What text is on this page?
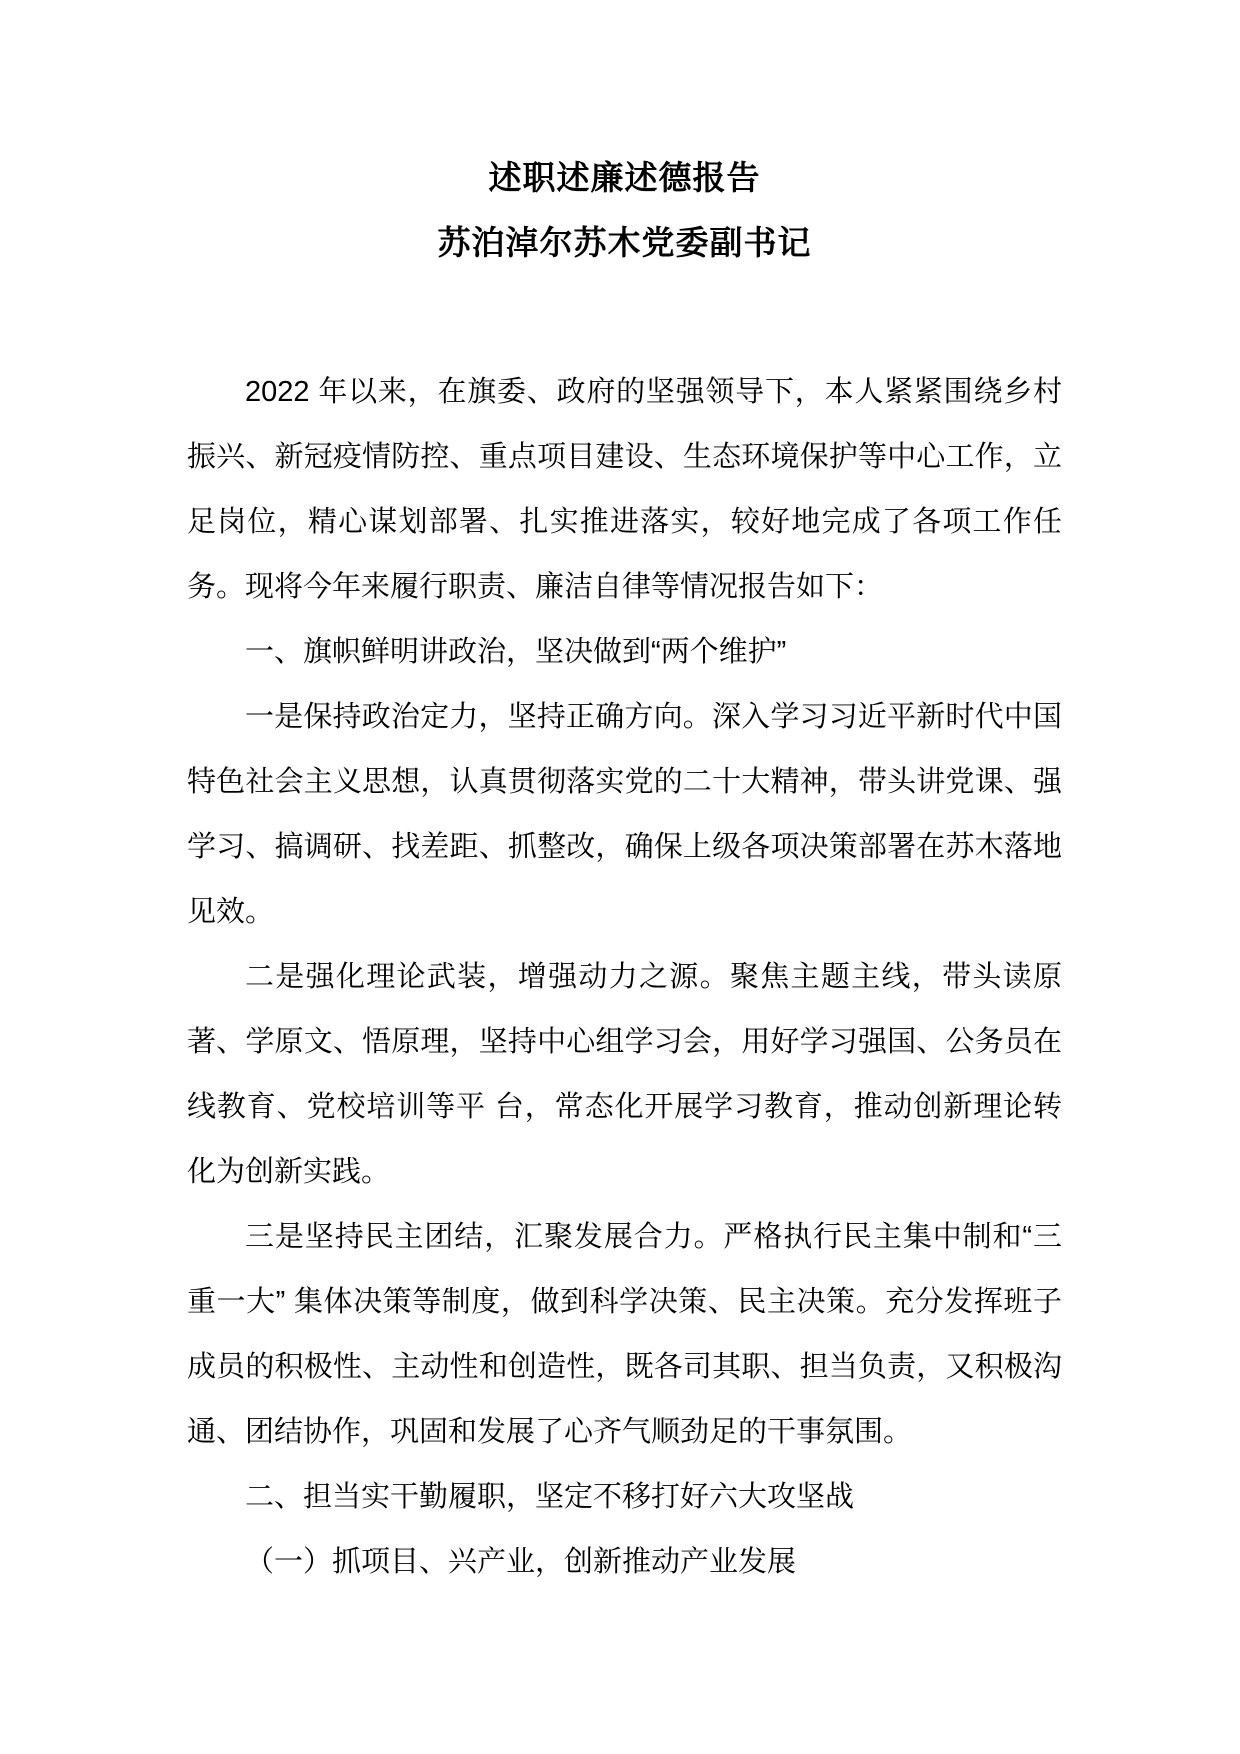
述职述廉述德报告
苏泊淖尔苏木党委副书记

2022 年以来，在旗委、政府的坚强领导下，本人紧紧围绕乡村振兴、新冠疫情防控、重点项目建设、生态环境保护等中心工作，立足岗位，精心谋划部署、扎实推进落实，较好地完成了各项工作任务。现将今年来履行职责、廉洁自律等情况报告如下：

一、旗帜鲜明讲政治，坚决做到“两个维护”

一是保持政治定力，坚持正确方向。深入学习习近平新时代中国特色社会主义思想，认真贯彻落实党的二十大精神，带头讲党课、强学习、搞调研、找差距、抓整改，确保上级各项决策部署在苏木落地见效。

二是强化理论武装，增强动力之源。聚焦主题主线，带头读原著、学原文、悟原理，坚持中心组学习会，用好学习强国、公务员在线教育、党校培训等平 台，常态化开展学习教育，推动创新理论转化为创新实践。

三是坚持民主团结，汇聚发展合力。严格执行民主集中制和“三重一大” 集体决策等制度，做到科学决策、民主决策。充分发挥班子成员的积极性、主动性和创造性，既各司其职、担当负责，又积极沟通、团结协作，巩固和发展了心齐气顺劲足的干事氛围。

二、担当实干勤履职，坚定不移打好六大攻坚战

（一）抓项目、兴产业，创新推动产业发展
